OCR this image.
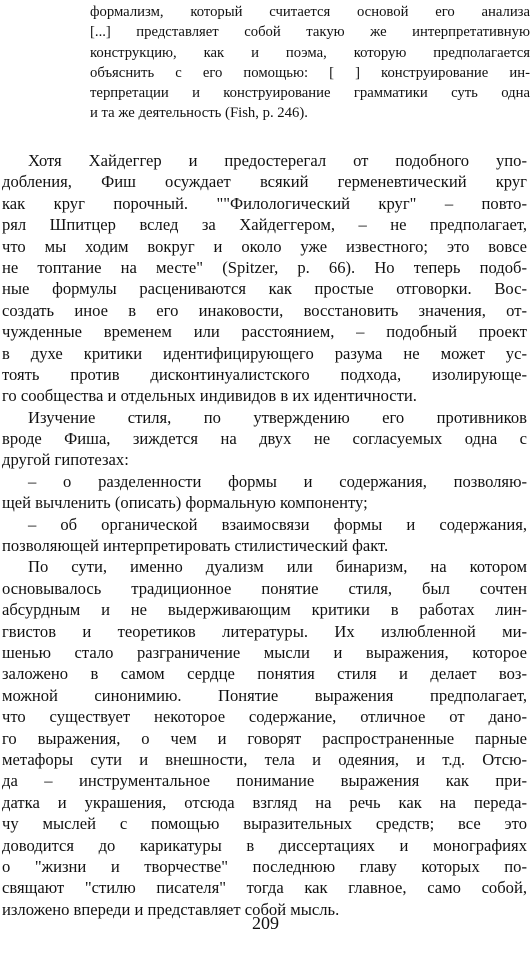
формализм, который считается основой его анализа
[...] представляет собой такую же интерпретативную
конструкцию, как и поэма, которую предполагается
объяснить с его помощью: [ ] конструирование ин-
терпретации и конструирование грамматики суть одна
и та же деятельность (Fish, p. 246).
Хотя Хайдеггер и предостерегал от подобного упо-
добления, Фиш осуждает всякий герменевтический круг
как круг порочный. ""Филологический круг" – повто-
рял Шпитцер вслед за Хайдеггером, – не предполагает,
что мы ходим вокруг и около уже известного; это вовсе
не топтание на месте" (Spitzer, p. 66). Но теперь подоб-
ные формулы расцениваются как простые отговорки. Вос-
создать иное в его инаковости, восстановить значения, от-
чужденные временем или расстоянием, – подобный проект
в духе критики идентифицирующего разума не может ус-
тоять против дисконтинуалистского подхода, изолирующе-
го сообщества и отдельных индивидов в их идентичности.
Изучение стиля, по утверждению его противников
вроде Фиша, зиждется на двух не согласуемых одна с
другой гипотезах:
– о разделенности формы и содержания, позволяю-
щей вычленить (описать) формальную компоненту;
– об органической взаимосвязи формы и содержания,
позволяющей интерпретировать стилистический факт.
По сути, именно дуализм или бинаризм, на котором
основывалось традиционное понятие стиля, был сочтен
абсурдным и не выдерживающим критики в работах лин-
гвистов и теоретиков литературы. Их излюбленной ми-
шенью стало разграничение мысли и выражения, которое
заложено в самом сердце понятия стиля и делает воз-
можной синонимию. Понятие выражения предполагает,
что существует некоторое содержание, отличное от дано-
го выражения, о чем и говорят распространенные парные
метафоры сути и внешности, тела и одеяния, и т.д. Отсю-
да – инструментальное понимание выражения как при-
датка и украшения, отсюда взгляд на речь как на переда-
чу мыслей с помощью выразительных средств; все это
доводится до карикатуры в диссертациях и монографиях
о "жизни и творчестве" последнюю главу которых по-
свящают "стилю писателя" тогда как главное, само собой,
изложено впереди и представляет собой мысль.
209
